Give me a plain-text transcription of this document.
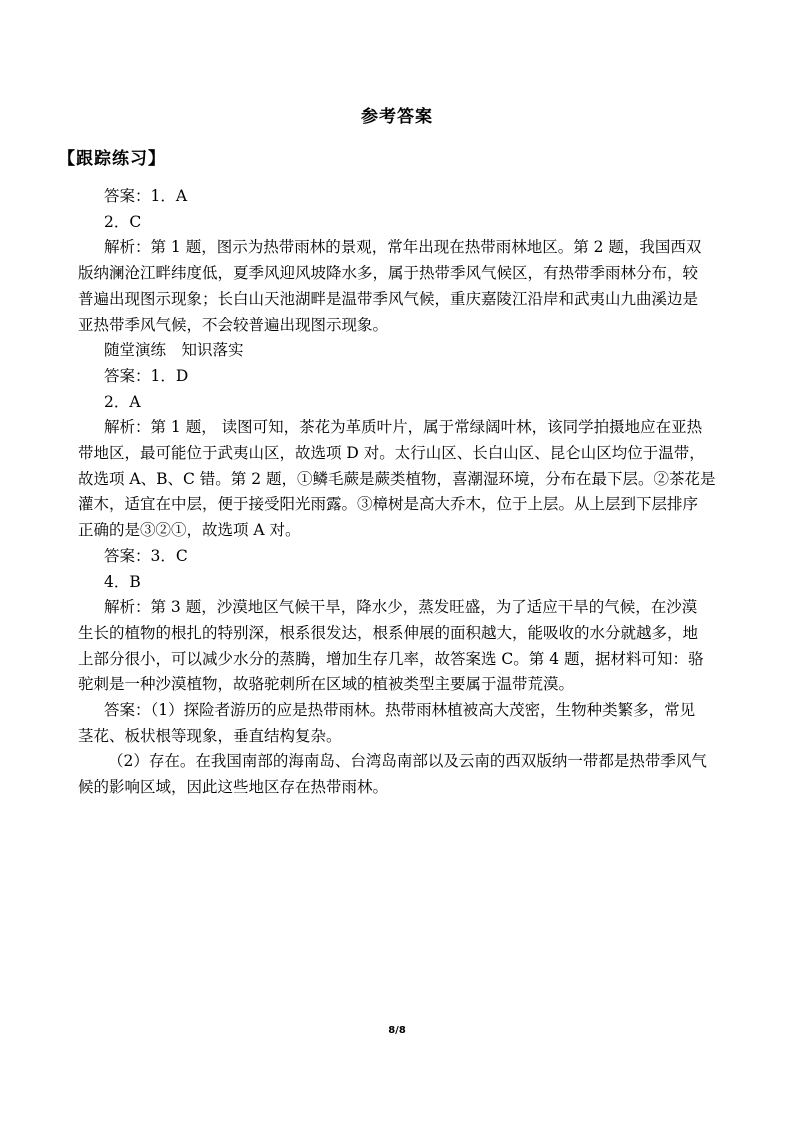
参考答案
【跟踪练习】

答案：1．A

2．C

解析：第 1 题，图示为热带雨林的景观，常年出现在热带雨林地区。第 2 题，我国西双

版纳澜沧江畔纬度低，夏季风迎风坡降水多，属于热带季风气候区，有热带季雨林分布，较

普遍出现图示现象；长白山天池湖畔是温带季风气候，重庆嘉陵江沿岸和武夷山九曲溪边是

亚热带季风气候，不会较普遍出现图示现象。

随堂演练　知识落实

答案：1．D

2．A

解析：第 1 题， 读图可知，茶花为革质叶片，属于常绿阔叶林，该同学拍摄地应在亚热

带地区，最可能位于武夷山区，故选项 D 对。太行山区、长白山区、昆仑山区均位于温带，

故选项 A、B、C 错。第 2 题，①鳞毛蕨是蕨类植物，喜潮湿环境，分布在最下层。②茶花是

灌木，适宜在中层，便于接受阳光雨露。③樟树是高大乔木，位于上层。从上层到下层排序

正确的是③②①，故选项 A 对。

答案：3．C

4．B

解析：第 3 题，沙漠地区气候干旱，降水少，蒸发旺盛，为了适应干旱的气候，在沙漠

生长的植物的根扎的特别深，根系很发达，根系伸展的面积越大，能吸收的水分就越多，地

上部分很小，可以减少水分的蒸腾，增加生存几率，故答案选 C。第 4 题，据材料可知：骆

驼刺是一种沙漠植物，故骆驼刺所在区域的植被类型主要属于温带荒漠。

答案：（1）探险者游历的应是热带雨林。热带雨林植被高大茂密，生物种类繁多，常见

茎花、板状根等现象，垂直结构复杂。

（2）存在。在我国南部的海南岛、台湾岛南部以及云南的西双版纳一带都是热带季风气

候的影响区域，因此这些地区存在热带雨林。

8/8
